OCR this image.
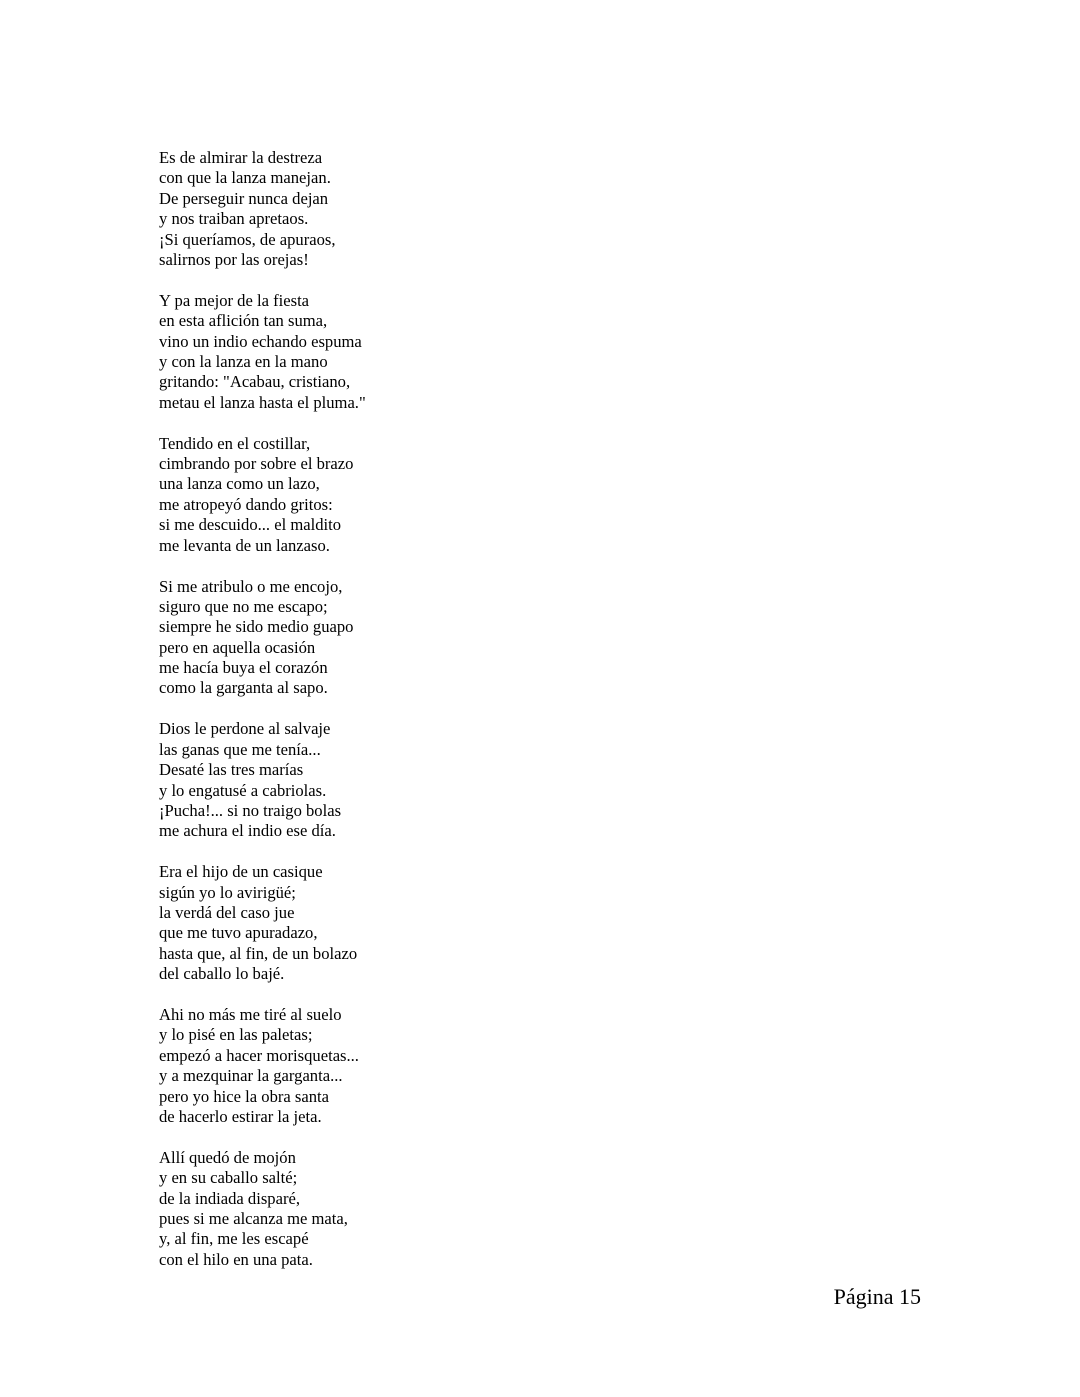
Es de almirar la destreza
con que la lanza manejan.
De perseguir nunca dejan
y nos traiban apretaos.
¡Si queríamos, de apuraos,
salirnos por las orejas!
Y pa mejor de la fiesta
en esta aflición tan suma,
vino un indio echando espuma
y con la lanza en la mano
gritando: "Acabau, cristiano,
metau el lanza hasta el pluma."
Tendido en el costillar,
cimbrando por sobre el brazo
una lanza como un lazo,
me atropeyó dando gritos:
si me descuido... el maldito
me levanta de un lanzaso.
Si me atribulo o me encojo,
siguro que no me escapo;
siempre he sido medio guapo
pero en aquella ocasión
me hacía buya el corazón
como la garganta al sapo.
Dios le perdone al salvaje
las ganas que me tenía...
Desaté las tres marías
y lo engatusé a cabriolas.
¡Pucha!... si no traigo bolas
me achura el indio ese día.
Era el hijo de un casique
sigún yo lo avirigüé;
la verdá del caso jue
que me tuvo apuradazo,
hasta que, al fin, de un bolazo
del caballo lo bajé.
Ahi no más me tiré al suelo
y lo pisé en las paletas;
empezó a hacer morisquetas...
y a mezquinar la garganta...
pero yo hice la obra santa
de hacerlo estirar la jeta.
Allí quedó de mojón
y en su caballo salté;
de la indiada disparé,
pues si me alcanza me mata,
y, al fin, me les escapé
con el hilo en una pata.
Página 15
